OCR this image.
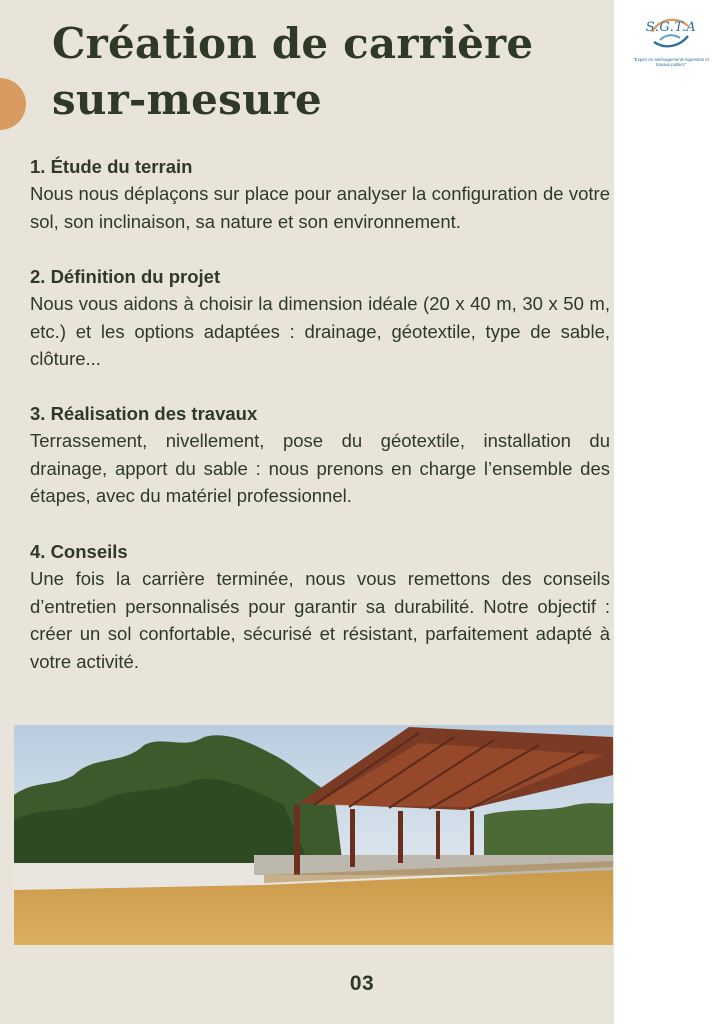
Création de carrière sur-mesure
1. Étude du terrain

Nous nous déplaçons sur place pour analyser la configuration de votre sol, son inclinaison, sa nature et son environnement.

2. Définition du projet

Nous vous aidons à choisir la dimension idéale (20 x 40 m, 30 x 50 m, etc.) et les options adaptées : drainage, géotextile, type de sable, clôture...

3. Réalisation des travaux

Terrassement, nivellement, pose du géotextile, installation du drainage, apport du sable : nous prenons en charge l’ensemble des étapes, avec du matériel professionnel.

4. Conseils

Une fois la carrière terminée, nous vous remettons des conseils d’entretien personnalisés pour garantir sa durabilité. Notre objectif : créer un sol confortable, sécurisé et résistant, parfaitement adapté à votre activité.

03
S.G.T.A
"Expert en aménagements équestres et travaux publics"
